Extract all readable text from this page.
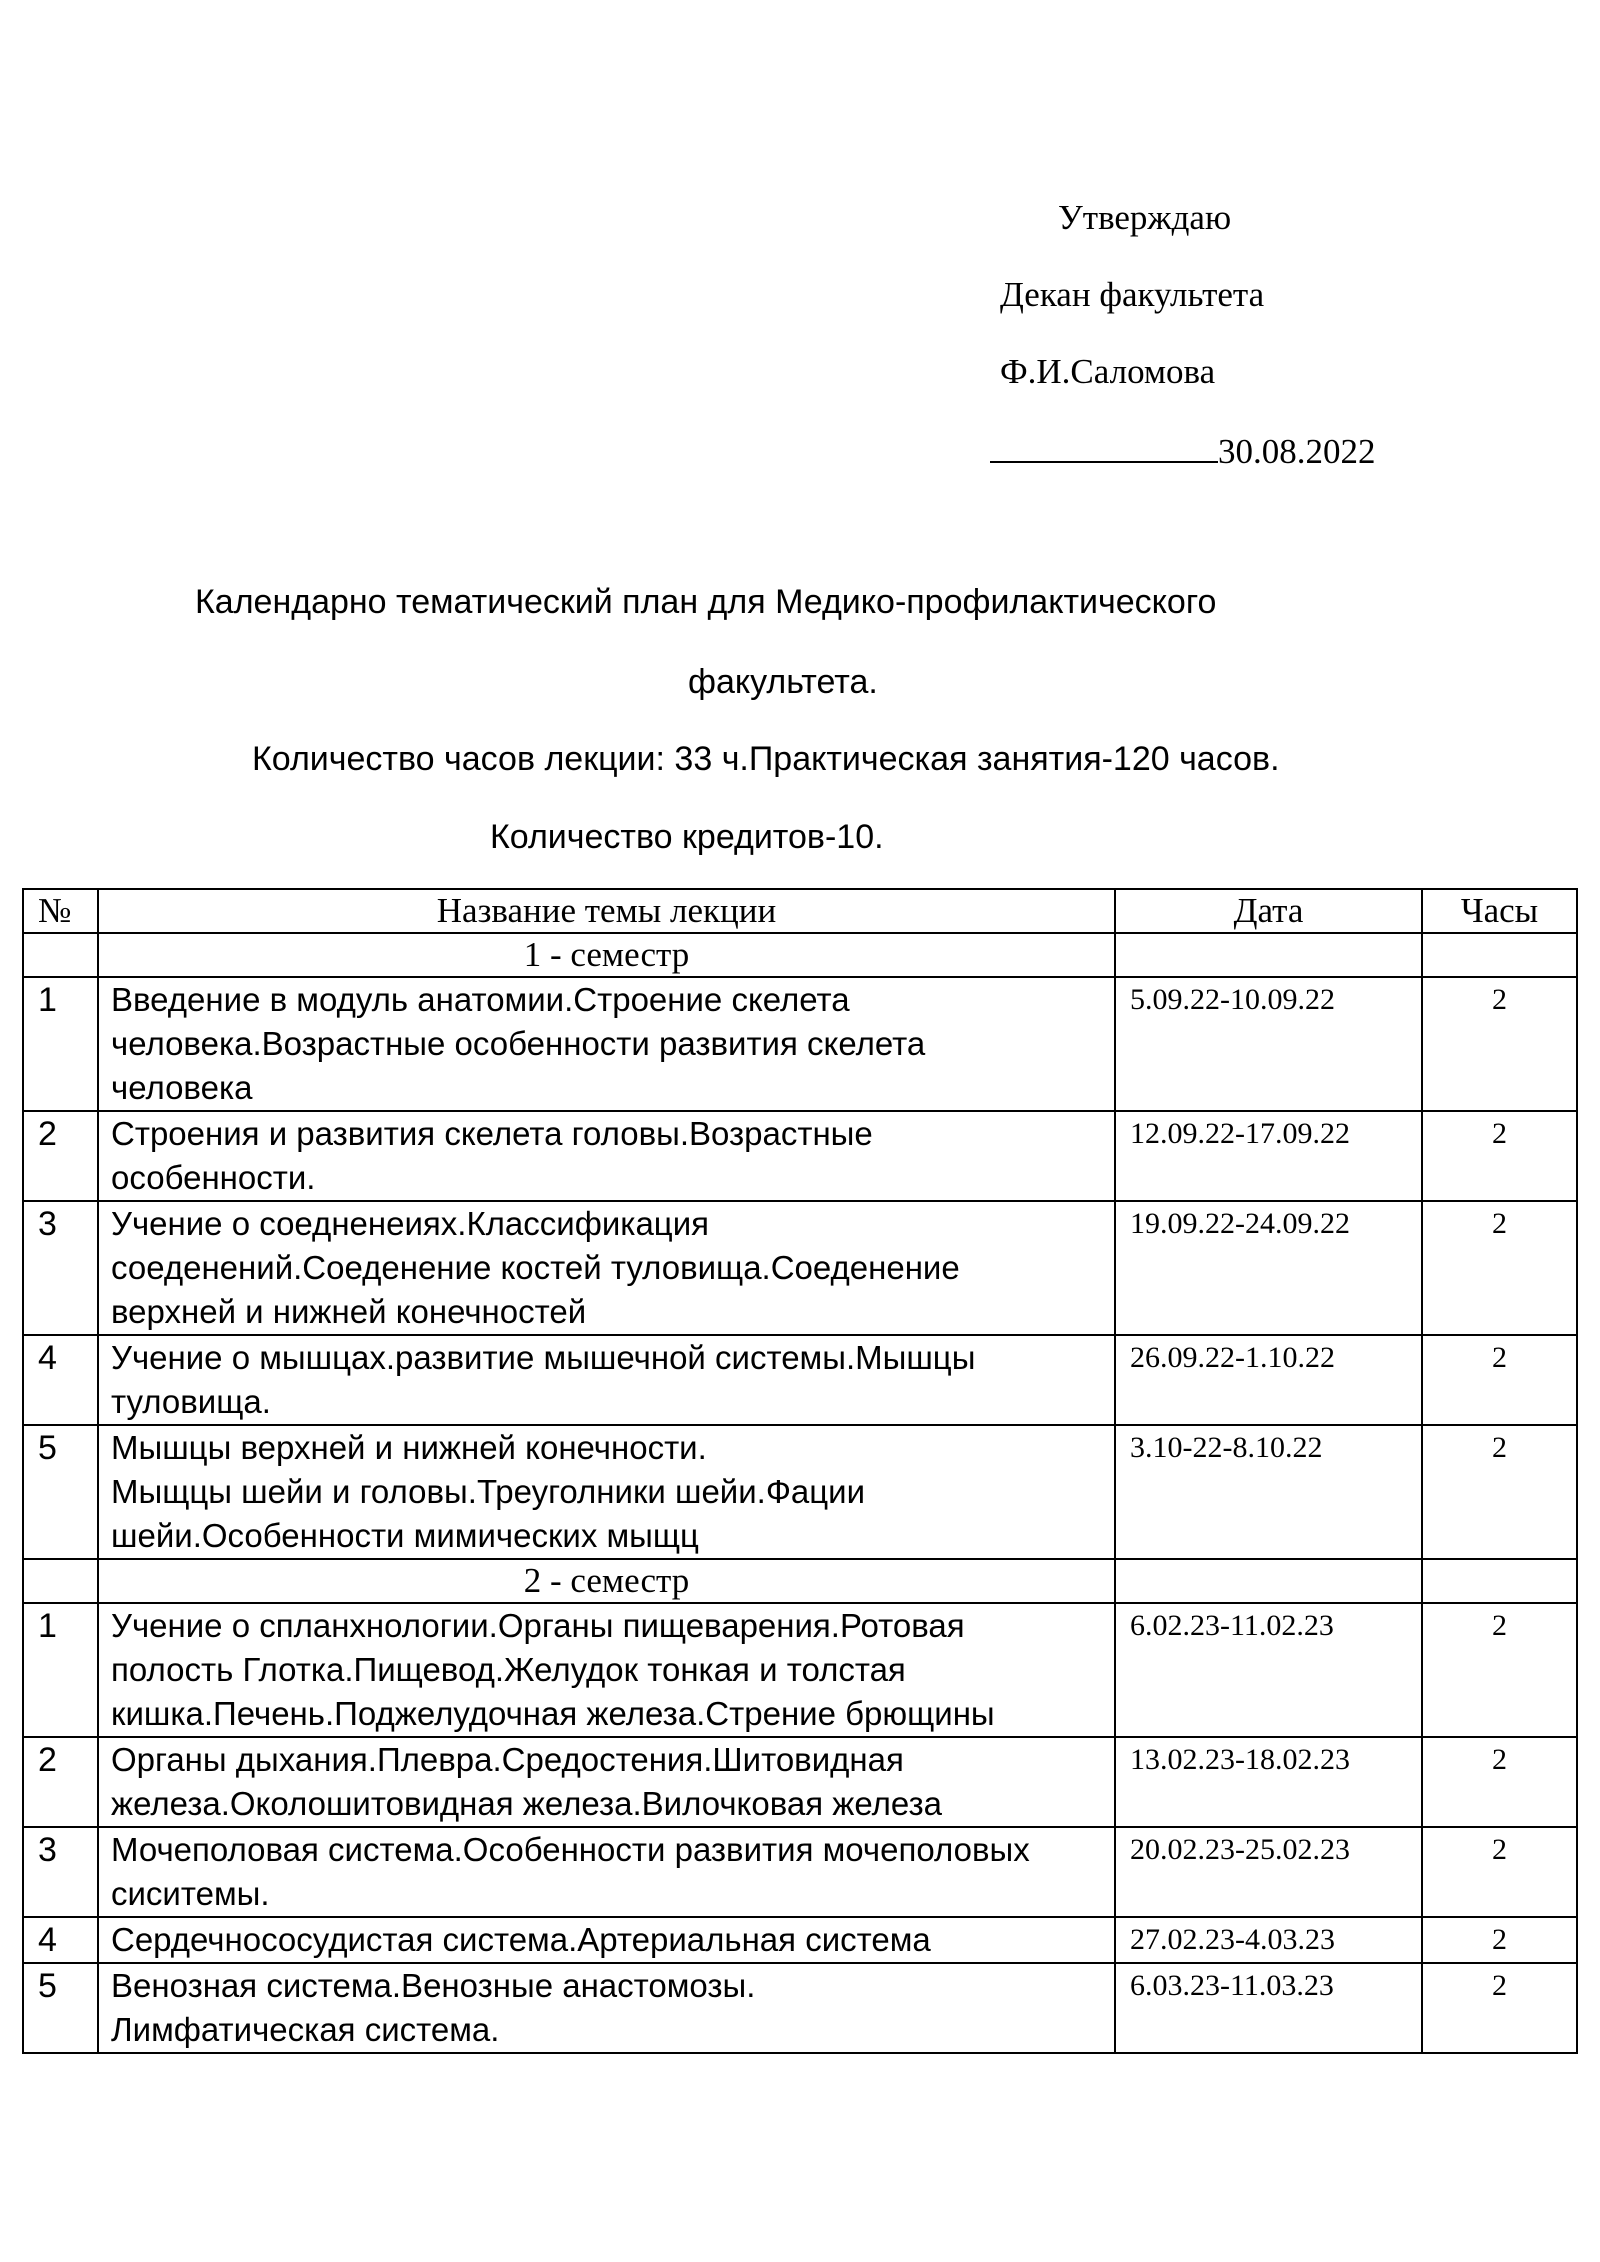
Утверждаю
Декан факультета
Ф.И.Саломова
30.08.2022
Календарно тематический план для Медико-профилактического
факультета.
Количество часов лекции: 33 ч.Практическая занятия-120 часов.
Количество кредитов-10.
№	Название темы лекции	Дата	Часы
	1 - семестр		
1	Введение в модуль анатомии.Строение скелета
человека.Возрастные особенности развития скелета
человека	5.09.22-10.09.22	2
2	Строения и развития скелета головы.Возрастные
особенности.	12.09.22-17.09.22	2
3	Учение о соедненеиях.Классификация
соеденений.Соеденение костей туловища.Соеденение
верхней и нижней конечностей	19.09.22-24.09.22	2
4	Учение о мышцах.развитие мышечной системы.Мышцы
туловища.	26.09.22-1.10.22	2
5	Мышцы верхней и нижней конечности.
Мыщцы шейи и головы.Треуголники шейи.Фации
шейи.Особенности мимических мыщц	3.10-22-8.10.22	2
	2 - семестр		
1	Учение о спланхнологии.Органы пищеварения.Ротовая
полость Глотка.Пищевод.Желудок тонкая и толстая
кишка.Печень.Поджелудочная железа.Стрение брющины	6.02.23-11.02.23	2
2	Органы дыхания.Плевра.Средостения.Шитовидная
железа.Околошитовидная железа.Вилочковая железа	13.02.23-18.02.23	2
3	Мочеполовая система.Особенности развития мочеполовых
сиситемы.	20.02.23-25.02.23	2
4	Сердечнососудистая система.Артериальная система	27.02.23-4.03.23	2
5	Венозная система.Венозные анастомозы.
Лимфатическая система.	6.03.23-11.03.23	2
